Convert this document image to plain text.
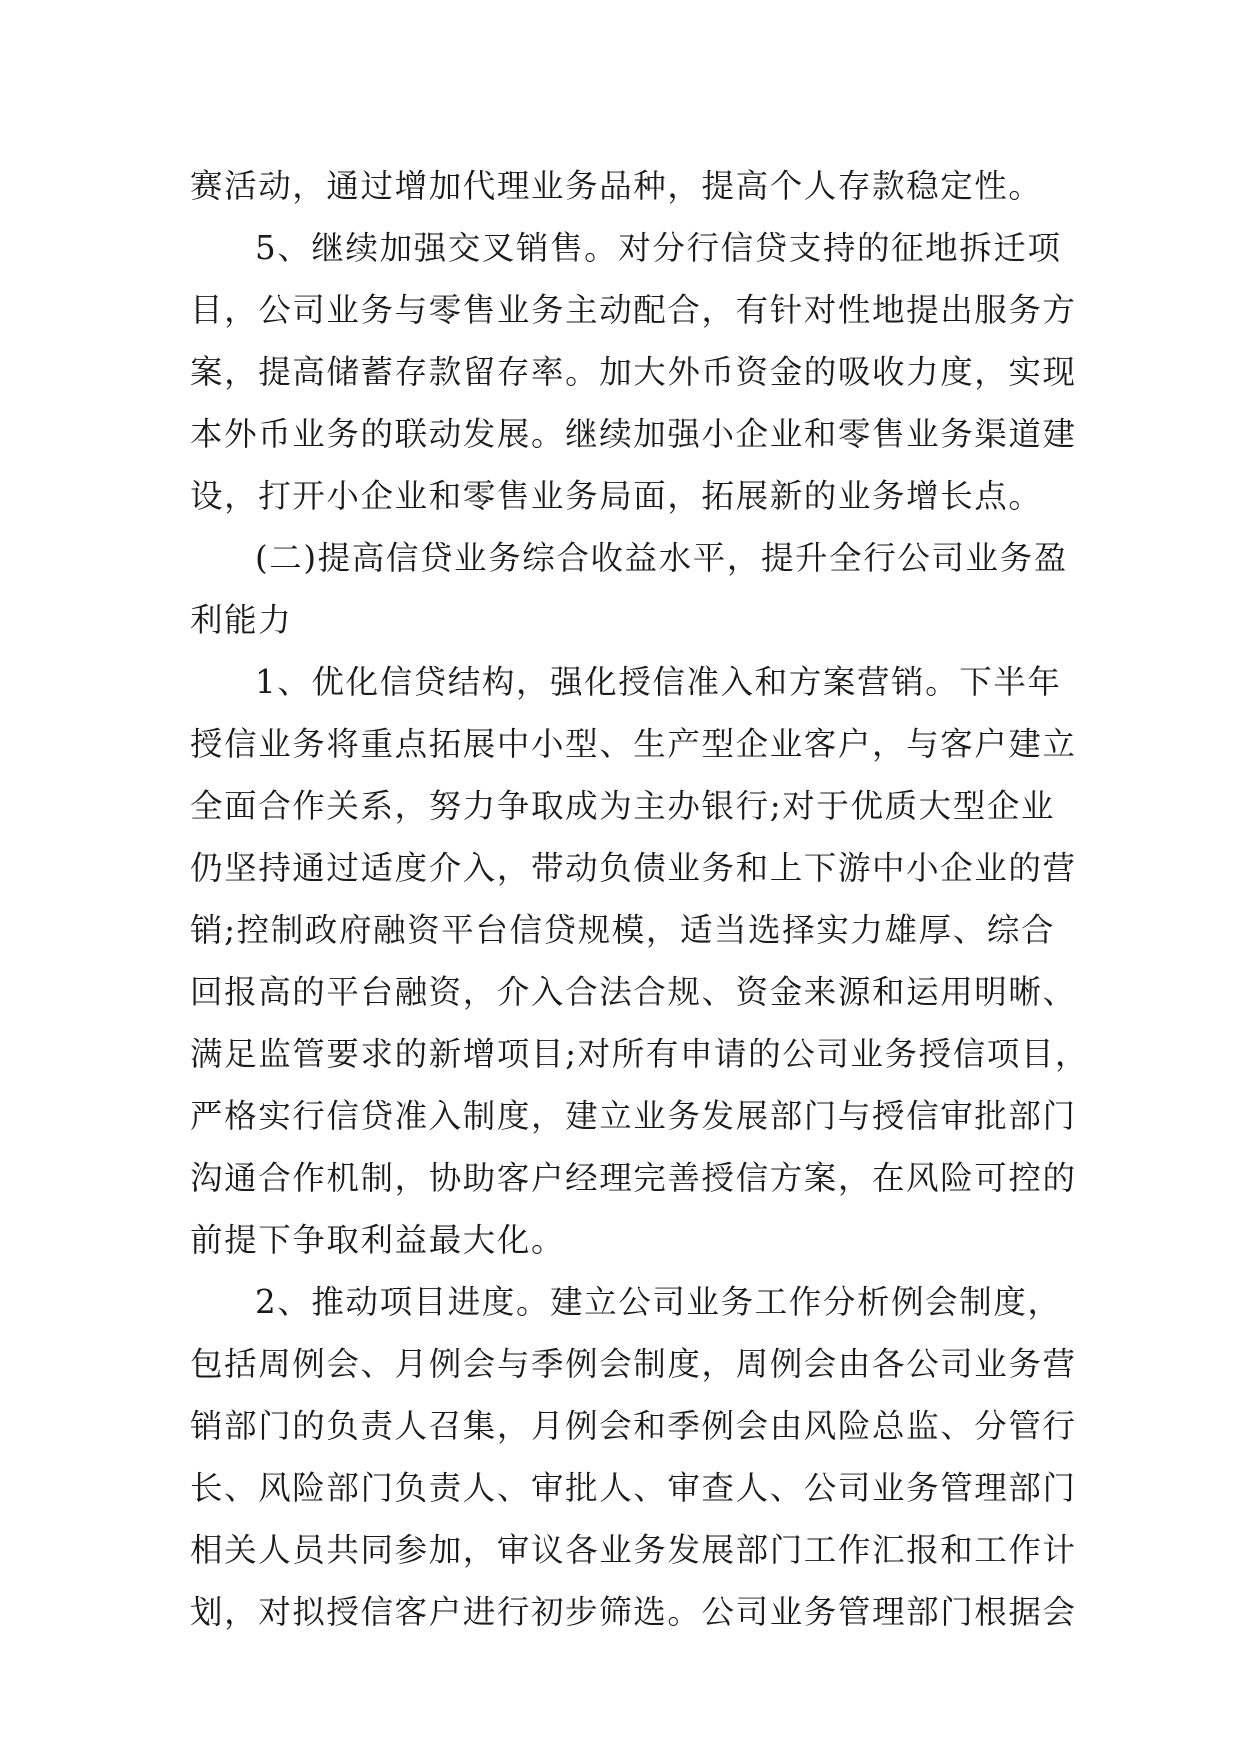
赛活动，通过增加代理业务品种，提高个人存款稳定性。
5、继续加强交叉销售。对分行信贷支持的征地拆迁项
目，公司业务与零售业务主动配合，有针对性地提出服务方
案，提高储蓄存款留存率。加大外币资金的吸收力度，实现
本外币业务的联动发展。继续加强小企业和零售业务渠道建
设，打开小企业和零售业务局面，拓展新的业务增长点。
(二)提高信贷业务综合收益水平，提升全行公司业务盈
利能力
1、优化信贷结构，强化授信准入和方案营销。下半年
授信业务将重点拓展中小型、生产型企业客户，与客户建立
全面合作关系，努力争取成为主办银行;对于优质大型企业
仍坚持通过适度介入，带动负债业务和上下游中小企业的营
销;控制政府融资平台信贷规模，适当选择实力雄厚、综合
回报高的平台融资，介入合法合规、资金来源和运用明晰、
满足监管要求的新增项目;对所有申请的公司业务授信项目，
严格实行信贷准入制度，建立业务发展部门与授信审批部门
沟通合作机制，协助客户经理完善授信方案，在风险可控的
前提下争取利益最大化。
2、推动项目进度。建立公司业务工作分析例会制度，
包括周例会、月例会与季例会制度，周例会由各公司业务营
销部门的负责人召集，月例会和季例会由风险总监、分管行
长、风险部门负责人、审批人、审查人、公司业务管理部门
相关人员共同参加，审议各业务发展部门工作汇报和工作计
划，对拟授信客户进行初步筛选。公司业务管理部门根据会
